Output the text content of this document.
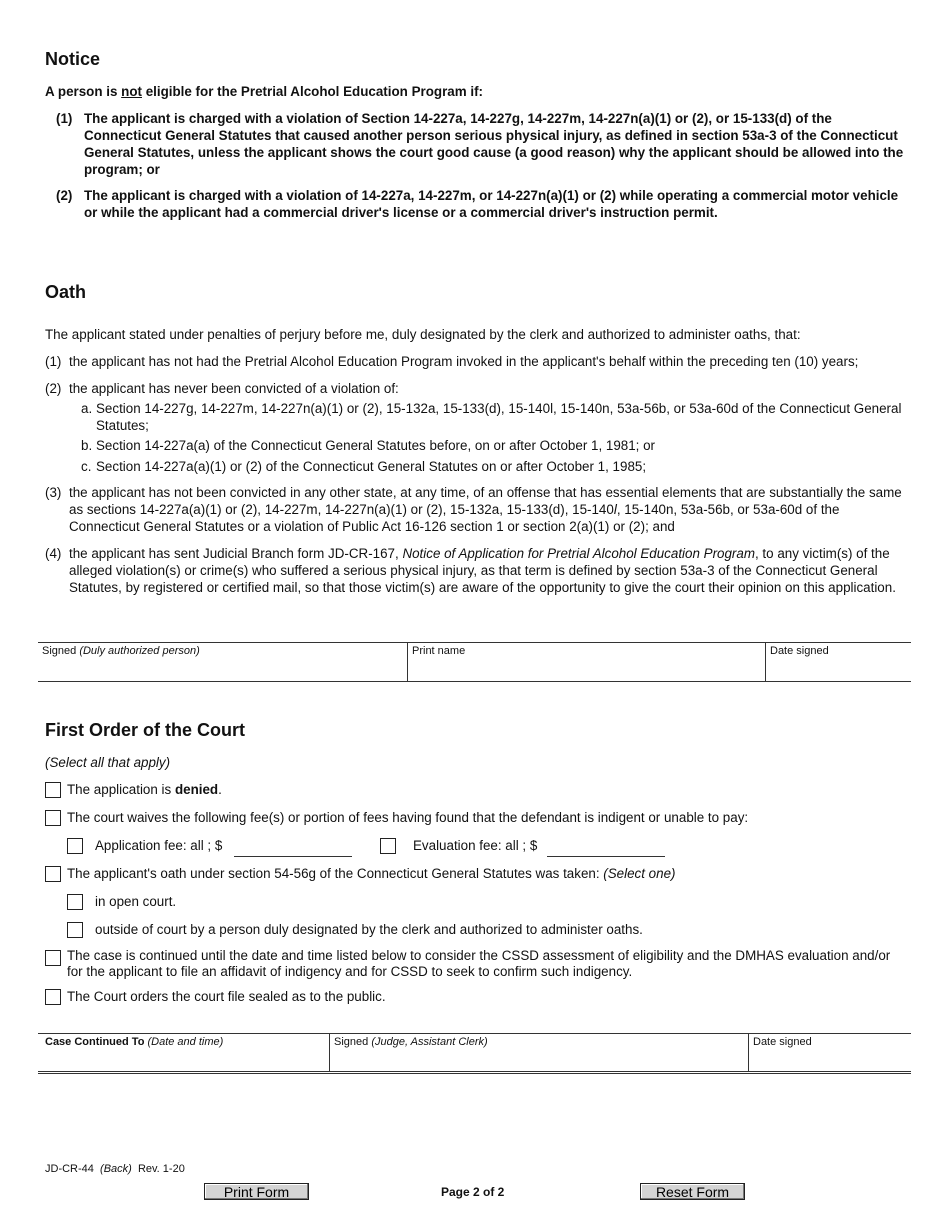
Notice
A person is not eligible for the Pretrial Alcohol Education Program if:
(1) The applicant is charged with a violation of Section 14-227a, 14-227g, 14-227m, 14-227n(a)(1) or (2), or 15-133(d) of the Connecticut General Statutes that caused another person serious physical injury, as defined in section 53a-3 of the Connecticut General Statutes, unless the applicant shows the court good cause (a good reason) why the applicant should be allowed into the program; or
(2) The applicant is charged with a violation of 14-227a, 14-227m, or 14-227n(a)(1) or (2) while operating a commercial motor vehicle or while the applicant had a commercial driver's license or a commercial driver's instruction permit.
Oath
The applicant stated under penalties of perjury before me, duly designated by the clerk and authorized to administer oaths, that:
(1) the applicant has not had the Pretrial Alcohol Education Program invoked in the applicant's behalf within the preceding ten (10) years;
(2) the applicant has never been convicted of a violation of:
a. Section 14-227g, 14-227m, 14-227n(a)(1) or (2), 15-132a, 15-133(d), 15-140l, 15-140n, 53a-56b, or 53a-60d of the Connecticut General Statutes;
b. Section 14-227a(a) of the Connecticut General Statutes before, on or after October 1, 1981; or
c. Section 14-227a(a)(1) or (2) of the Connecticut General Statutes on or after October 1, 1985;
(3) the applicant has not been convicted in any other state, at any time, of an offense that has essential elements that are substantially the same as sections 14-227a(a)(1) or (2), 14-227m, 14-227n(a)(1) or (2), 15-132a, 15-133(d), 15-140l, 15-140n, 53a-56b, or 53a-60d of the Connecticut General Statutes or a violation of Public Act 16-126 section 1 or section 2(a)(1) or (2); and
(4) the applicant has sent Judicial Branch form JD-CR-167, Notice of Application for Pretrial Alcohol Education Program, to any victim(s) of the alleged violation(s) or crime(s) who suffered a serious physical injury, as that term is defined by section 53a-3 of the Connecticut General Statutes, by registered or certified mail, so that those victim(s) are aware of the opportunity to give the court their opinion on this application.
Signed (Duly authorized person)	Print name	Date signed
First Order of the Court
(Select all that apply)
The application is denied.
The court waives the following fee(s) or portion of fees having found that the defendant is indigent or unable to pay:
Application fee: all ; $	Evaluation fee: all ; $
The applicant's oath under section 54-56g of the Connecticut General Statutes was taken: (Select one)
in open court.
outside of court by a person duly designated by the clerk and authorized to administer oaths.
The case is continued until the date and time listed below to consider the CSSD assessment of eligibility and the DMHAS evaluation and/or for the applicant to file an affidavit of indigency and for CSSD to seek to confirm such indigency.
The Court orders the court file sealed as to the public.
Case Continued To (Date and time)	Signed (Judge, Assistant Clerk)	Date signed
JD-CR-44 (Back) Rev. 1-20
Print Form	Page 2 of 2	Reset Form
